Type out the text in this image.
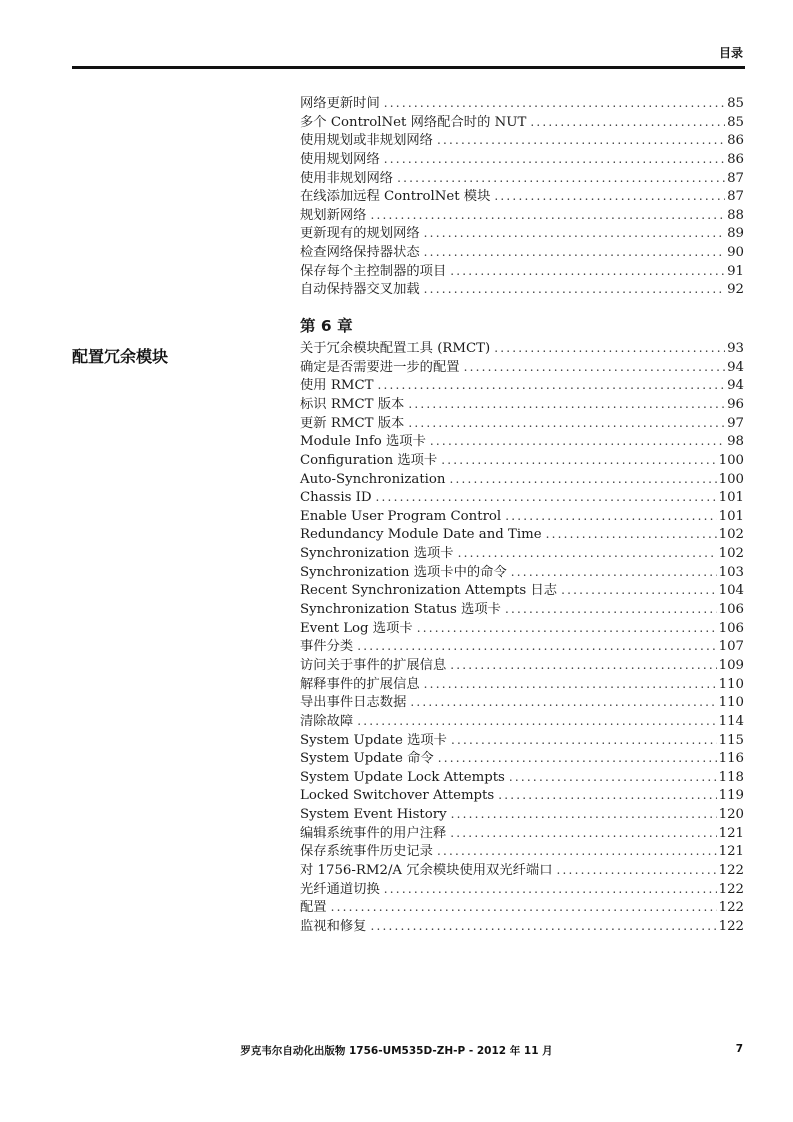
目录
配置冗余模块
网络更新时间 .....	85
多个 ControlNet 网络配合时的 NUT .....	85
使用规划或非规划网络 .....	86
使用规划网络 .....	86
使用非规划网络 .....	87
在线添加远程 ControlNet 模块 .....	87
规划新网络 .....	88
更新现有的规划网络 .....	89
检查网络保持器状态 .....	90
保存每个主控制器的项目 .....	91
自动保持器交叉加载 .....	92
第 6 章
关于冗余模块配置工具 (RMCT) .....	93
确定是否需要进一步的配置 .....	94
使用 RMCT .....	94
标识 RMCT 版本 .....	96
更新 RMCT 版本 .....	97
Module Info 选项卡 .....	98
Configuration 选项卡 .....	100
Auto-Synchronization .....	100
Chassis ID .....	101
Enable User Program Control .....	101
Redundancy Module Date and Time .....	102
Synchronization 选项卡 .....	102
Synchronization 选项卡中的命令 .....	103
Recent Synchronization Attempts 日志 .....	104
Synchronization Status 选项卡 .....	106
Event Log 选项卡 .....	106
事件分类 .....	107
访问关于事件的扩展信息 .....	109
解释事件的扩展信息 .....	110
导出事件日志数据 .....	110
清除故障 .....	114
System Update 选项卡 .....	115
System Update 命令 .....	116
System Update Lock Attempts .....	118
Locked Switchover Attempts .....	119
System Event History .....	120
编辑系统事件的用户注释 .....	121
保存系统事件历史记录 .....	121
对 1756-RM2/A 冗余模块使用双光纤端口 .....	122
光纤通道切换 .....	122
配置 .....	122
监视和修复 .....	122
罗克韦尔自动化出版物 1756-UM535D-ZH-P - 2012 年 11 月	7
